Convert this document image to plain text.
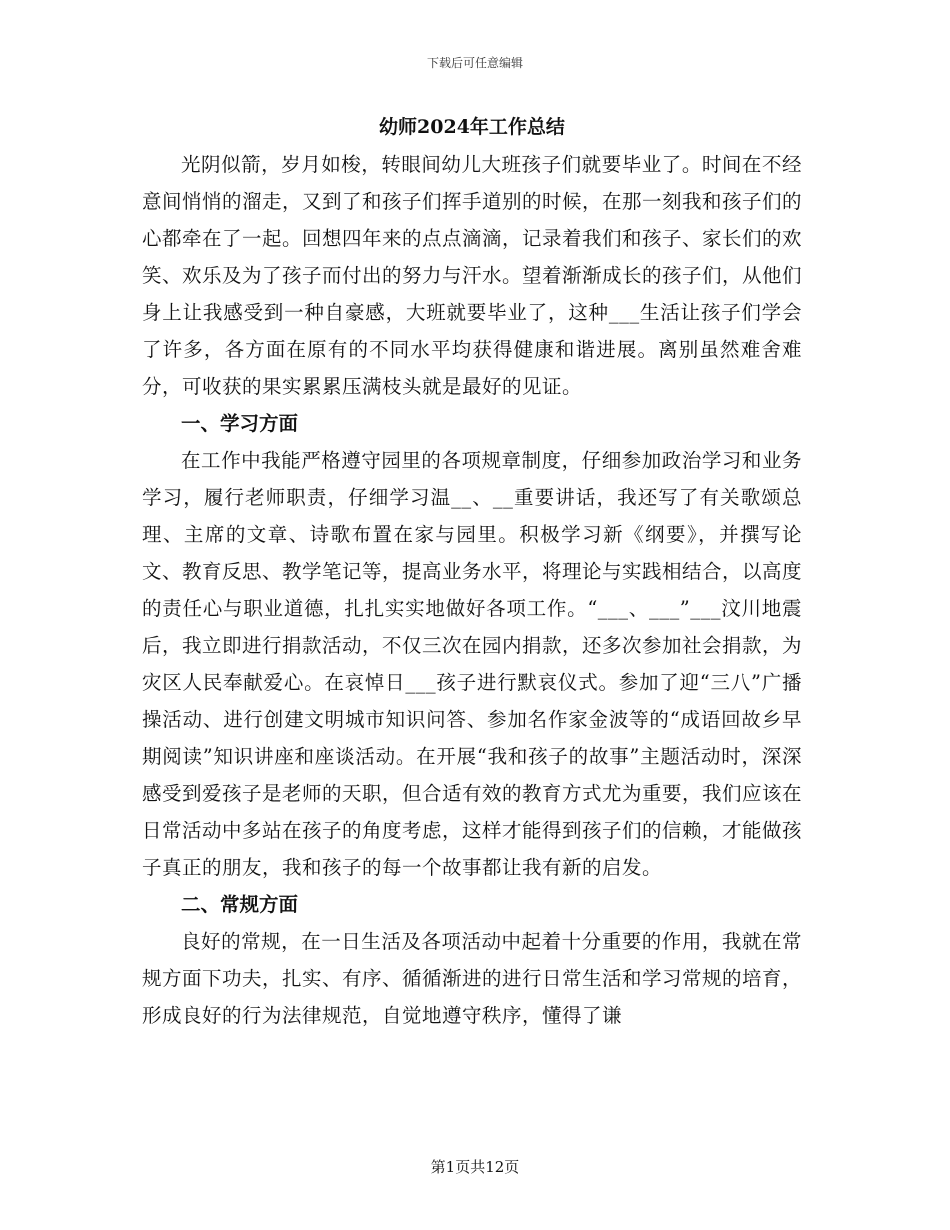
下载后可任意编辑
幼师2024年工作总结

光阴似箭，岁月如梭，转眼间幼儿大班孩子们就要毕业了。时间在不经意间悄悄的溜走，又到了和孩子们挥手道别的时候，在那一刻我和孩子们的心都牵在了一起。回想四年来的点点滴滴，记录着我们和孩子、家长们的欢笑、欢乐及为了孩子而付出的努力与汗水。望着渐渐成长的孩子们，从他们身上让我感受到一种自豪感，大班就要毕业了，这种___生活让孩子们学会了许多，各方面在原有的不同水平均获得健康和谐进展。离别虽然难舍难分，可收获的果实累累压满枝头就是最好的见证。

一、学习方面

在工作中我能严格遵守园里的各项规章制度，仔细参加政治学习和业务学习，履行老师职责，仔细学习温__、__重要讲话，我还写了有关歌颂总理、主席的文章、诗歌布置在家与园里。积极学习新《纲要》，并撰写论文、教育反思、教学笔记等，提高业务水平，将理论与实践相结合，以高度的责任心与职业道德，扎扎实实地做好各项工作。“___、___”___汶川地震后，我立即进行捐款活动，不仅三次在园内捐款，还多次参加社会捐款，为灾区人民奉献爱心。在哀悼日___孩子进行默哀仪式。参加了迎“三八”广播操活动、进行创建文明城市知识问答、参加名作家金波等的“成语回故乡早期阅读”知识讲座和座谈活动。在开展“我和孩子的故事”主题活动时，深深感受到爱孩子是老师的天职，但合适有效的教育方式尤为重要，我们应该在日常活动中多站在孩子的角度考虑，这样才能得到孩子们的信赖，才能做孩子真正的朋友，我和孩子的每一个故事都让我有新的启发。

二、常规方面

良好的常规，在一日生活及各项活动中起着十分重要的作用，我就在常规方面下功夫，扎实、有序、循循渐进的进行日常生活和学习常规的培育，形成良好的行为法律规范，自觉地遵守秩序，懂得了谦

第1页共12页
